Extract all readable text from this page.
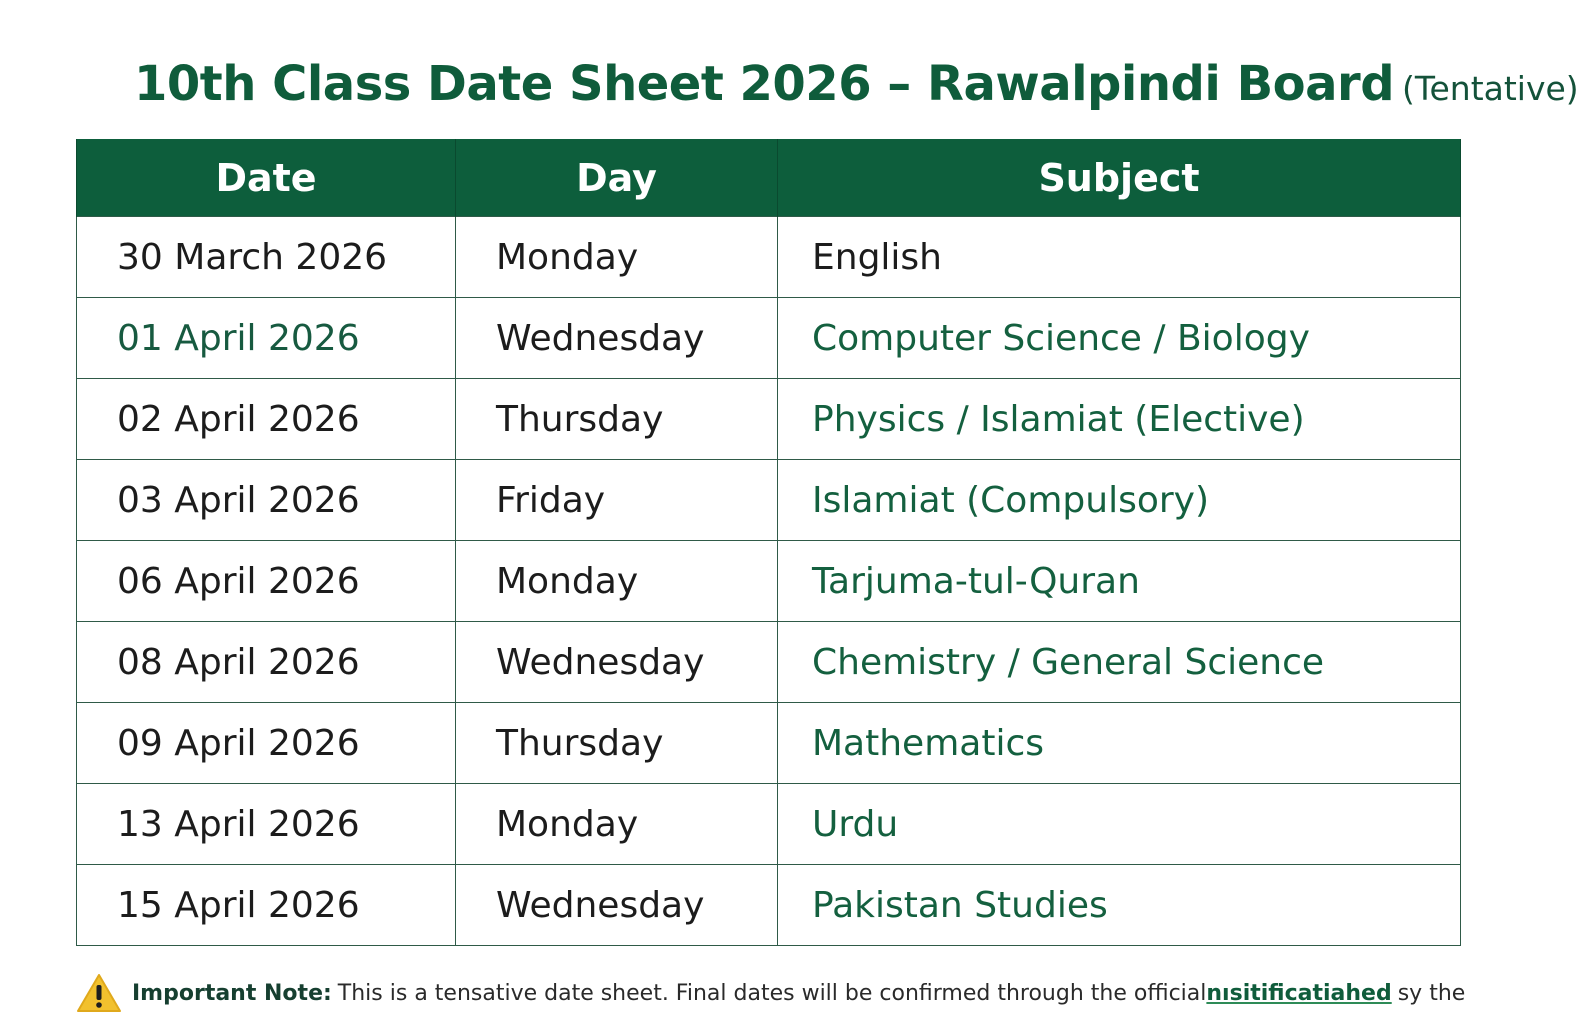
10th Class Date Sheet 2026 – Rawalpindi Board (Tentative)
Date	Day	Subject
30 March 2026	Monday	English
01 April 2026	Wednesday	Computer Science / Biology
02 April 2026	Thursday	Physics / Islamiat (Elective)
03 April 2026	Friday	Islamiat (Compulsory)
06 April 2026	Monday	Tarjuma-tul-Quran
08 April 2026	Wednesday	Chemistry / General Science
09 April 2026	Thursday	Mathematics
13 April 2026	Monday	Urdu
15 April 2026	Wednesday	Pakistan Studies
Important Note: This is a tensative date sheet. Final dates will be confirmed through the official nısitificatiahed sy the
